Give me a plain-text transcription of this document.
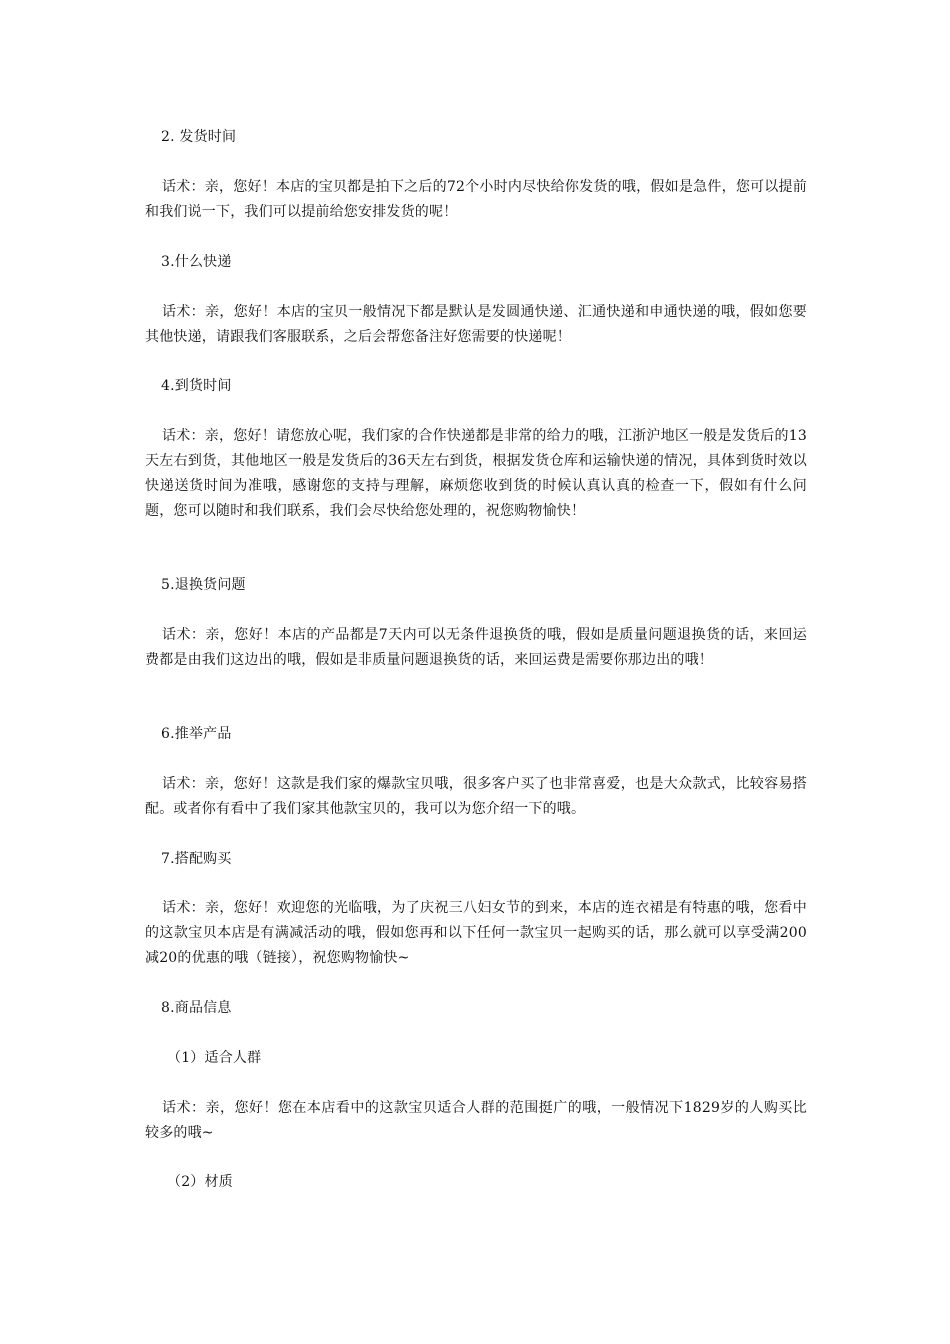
2. 发货时间

话术：亲，您好！本店的宝贝都是拍下之后的72个小时内尽快给你发货的哦，假如是急件，您可以提前和我们说一下，我们可以提前给您安排发货的呢！

3.什么快递

话术：亲，您好！本店的宝贝一般情况下都是默认是发圆通快递、汇通快递和申通快递的哦，假如您要其他快递，请跟我们客服联系，之后会帮您备注好您需要的快递呢！

4.到货时间

话术：亲，您好！请您放心呢，我们家的合作快递都是非常的给力的哦，江浙沪地区一般是发货后的13天左右到货，其他地区一般是发货后的36天左右到货，根据发货仓库和运输快递的情况，具体到货时效以快递送货时间为准哦，感谢您的支持与理解，麻烦您收到货的时候认真认真的检查一下，假如有什么问题，您可以随时和我们联系，我们会尽快给您处理的，祝您购物愉快！

5.退换货问题

话术：亲，您好！本店的产品都是7天内可以无条件退换货的哦，假如是质量问题退换货的话，来回运费都是由我们这边出的哦，假如是非质量问题退换货的话，来回运费是需要你那边出的哦！

6.推举产品

话术：亲，您好！这款是我们家的爆款宝贝哦，很多客户买了也非常喜爱，也是大众款式，比较容易搭配。或者你有看中了我们家其他款宝贝的，我可以为您介绍一下的哦。

7.搭配购买

话术：亲，您好！欢迎您的光临哦，为了庆祝三八妇女节的到来，本店的连衣裙是有特惠的哦，您看中的这款宝贝本店是有满减活动的哦，假如您再和以下任何一款宝贝一起购买的话，那么就可以享受满200减20的优惠的哦（链接），祝您购物愉快~

8.商品信息

（1）适合人群

话术：亲，您好！您在本店看中的这款宝贝适合人群的范围挺广的哦，一般情况下1829岁的人购买比较多的哦~

（2）材质
